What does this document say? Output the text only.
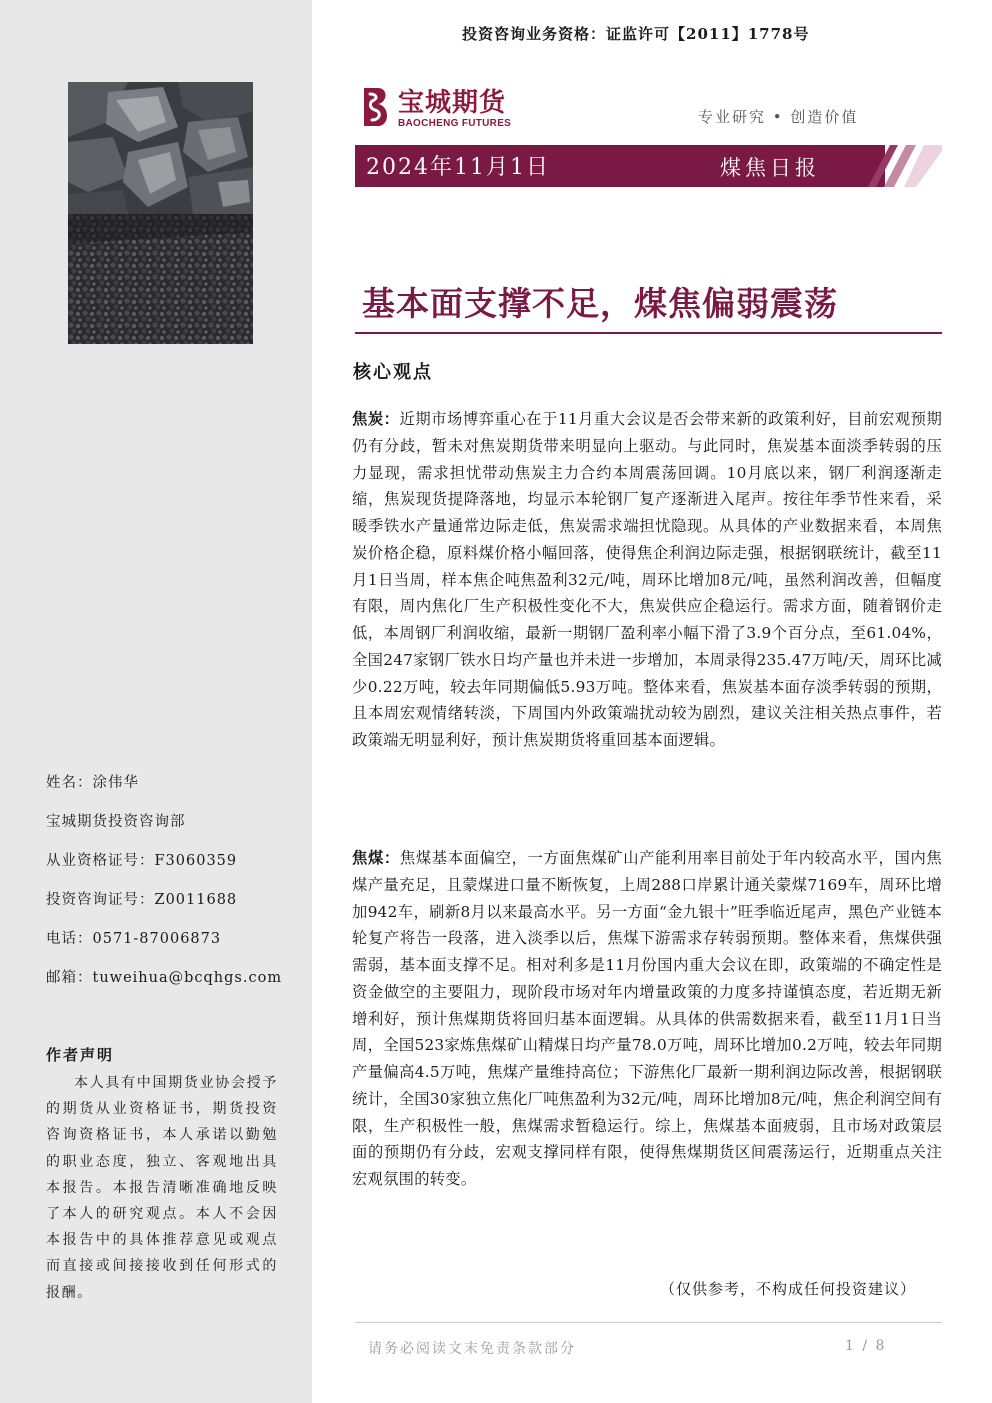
姓名：涂伟华
宝城期货投资咨询部
从业资格证号：F3060359
投资咨询证号：Z0011688
电话：0571-87006873
邮箱：tuweihua@bcqhgs.com
作者声明
本人具有中国期货业协会授予的期货从业资格证书，期货投资咨询资格证书，本人承诺以勤勉的职业态度，独立、客观地出具本报告。本报告清晰准确地反映了本人的研究观点。本人不会因本报告中的具体推荐意见或观点而直接或间接接收到任何形式的报酬。
投资咨询业务资格：证监许可【2011】1778号
宝城期货
BAOCHENG FUTURES	专业研究 • 创造价值
2024年11月1日	煤焦日报
基本面支撑不足，煤焦偏弱震荡
核心观点
焦炭：近期市场博弈重心在于11月重大会议是否会带来新的政策利好，目前宏观预期仍有分歧，暂未对焦炭期货带来明显向上驱动。与此同时，焦炭基本面淡季转弱的压力显现，需求担忧带动焦炭主力合约本周震荡回调。10月底以来，钢厂利润逐渐走缩，焦炭现货提降落地，均显示本轮钢厂复产逐渐进入尾声。按往年季节性来看，采暖季铁水产量通常边际走低，焦炭需求端担忧隐现。从具体的产业数据来看，本周焦炭价格企稳，原料煤价格小幅回落，使得焦企利润边际走强，根据钢联统计，截至11月1日当周，样本焦企吨焦盈利32元/吨，周环比增加8元/吨，虽然利润改善，但幅度有限，周内焦化厂生产积极性变化不大，焦炭供应企稳运行。需求方面，随着钢价走低，本周钢厂利润收缩，最新一期钢厂盈利率小幅下滑了3.9个百分点，至61.04%，全国247家钢厂铁水日均产量也并未进一步增加，本周录得235.47万吨/天，周环比减少0.22万吨，较去年同期偏低5.93万吨。整体来看，焦炭基本面存淡季转弱的预期，且本周宏观情绪转淡，下周国内外政策端扰动较为剧烈，建议关注相关热点事件，若政策端无明显利好，预计焦炭期货将重回基本面逻辑。
焦煤：焦煤基本面偏空，一方面焦煤矿山产能利用率目前处于年内较高水平，国内焦煤产量充足，且蒙煤进口量不断恢复，上周288口岸累计通关蒙煤7169车，周环比增加942车，刷新8月以来最高水平。另一方面“金九银十”旺季临近尾声，黑色产业链本轮复产将告一段落，进入淡季以后，焦煤下游需求存转弱预期。整体来看，焦煤供强需弱，基本面支撑不足。相对利多是11月份国内重大会议在即，政策端的不确定性是资金做空的主要阻力，现阶段市场对年内增量政策的力度多持谨慎态度，若近期无新增利好，预计焦煤期货将回归基本面逻辑。从具体的供需数据来看，截至11月1日当周，全国523家炼焦煤矿山精煤日均产量78.0万吨，周环比增加0.2万吨，较去年同期产量偏高4.5万吨，焦煤产量维持高位；下游焦化厂最新一期利润边际改善，根据钢联统计，全国30家独立焦化厂吨焦盈利为32元/吨，周环比增加8元/吨，焦企利润空间有限，生产积极性一般，焦煤需求暂稳运行。综上，焦煤基本面疲弱，且市场对政策层面的预期仍有分歧，宏观支撑同样有限，使得焦煤期货区间震荡运行，近期重点关注宏观氛围的转变。
（仅供参考，不构成任何投资建议）
请务必阅读文末免责条款部分	1 / 8
